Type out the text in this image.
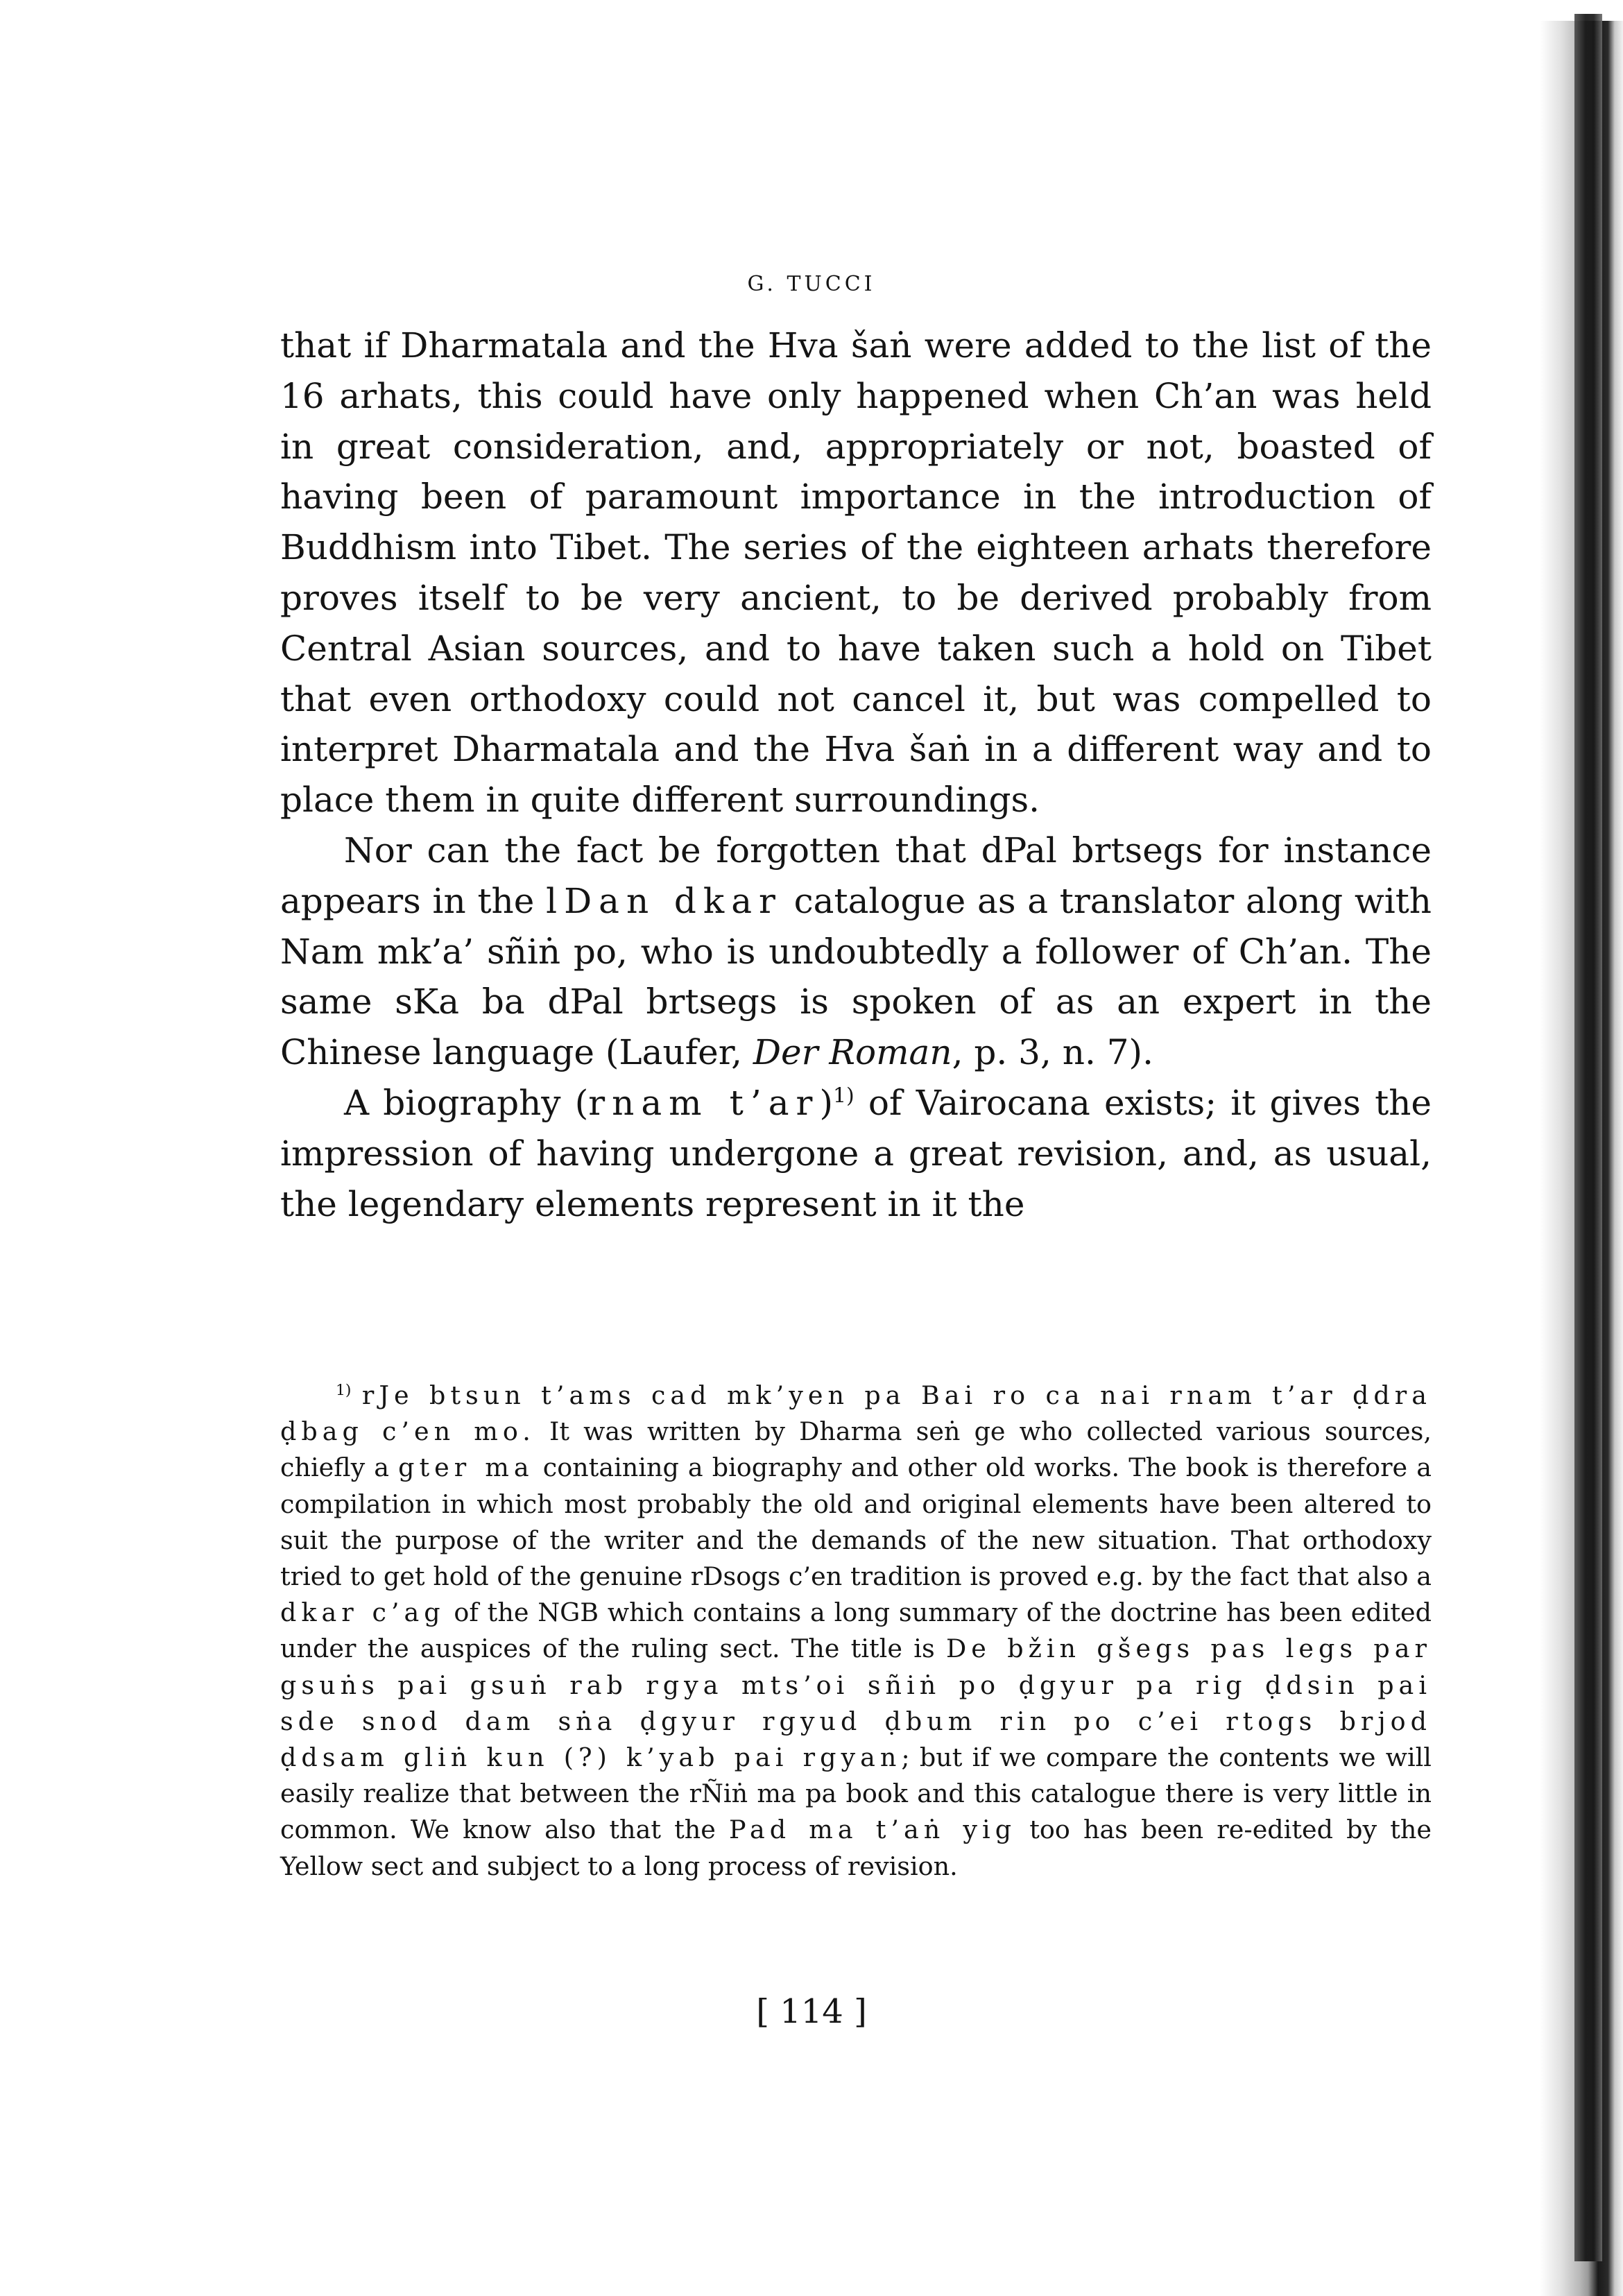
G. TUCCI

that if Dharmatala and the Hva šaṅ were added to the list of the 16 arhats, this could have only happened when Ch’an was held in great consideration, and, appropriately or not, boasted of having been of paramount importance in the introduction of Buddhism into Tibet. The series of the eighteen arhats therefore proves itself to be very ancient, to be derived probably from Central Asian sources, and to have taken such a hold on Tibet that even orthodoxy could not cancel it, but was compelled to interpret Dharmatala and the Hva šaṅ in a different way and to place them in quite different surroundings.

Nor can the fact be forgotten that dPal brtsegs for instance appears in the lDan dkar catalogue as a translator along with Nam mk’a’ sñiṅ po, who is undoubtedly a follower of Ch’an. The same sKa ba dPal brtsegs is spoken of as an expert in the Chinese language (Laufer, Der Roman, p. 3, n. 7).

A biography (rnam t’ar)$^{1)}$ of Vairocana exists; it gives the impression of having undergone a great revision, and, as usual, the legendary elements represent in it the

$^{1)}$ rJe btsun t’ams cad mk’yen pa Bai ro ca nai rnam t’ar ḍdra ḍbag c’en mo. It was written by Dharma seṅ ge who collected various sources, chiefly a gter ma containing a biography and other old works. The book is therefore a compilation in which most probably the old and original elements have been altered to suit the purpose of the writer and the demands of the new situation. That orthodoxy tried to get hold of the genuine rDsogs c’en tradition is proved e.g. by the fact that also a dkar c’ag of the NGB which contains a long summary of the doctrine has been edited under the auspices of the ruling sect. The title is De bžin gšegs pas legs par gsuṅs pai gsuṅ rab rgya mts’oi sñiṅ po ḍgyur pa rig ḍdsin pai sde snod dam sṅa ḍgyur rgyud ḍbum rin po c’ei rtogs brjod ḍdsam gliṅ kun (?) k’yab pai rgyan; but if we compare the contents we will easily realize that between the rÑiṅ ma pa book and this catalogue there is very little in common. We know also that the Pad ma t’aṅ yig too has been re-edited by the Yellow sect and subject to a long process of revision.

[ 114 ]
